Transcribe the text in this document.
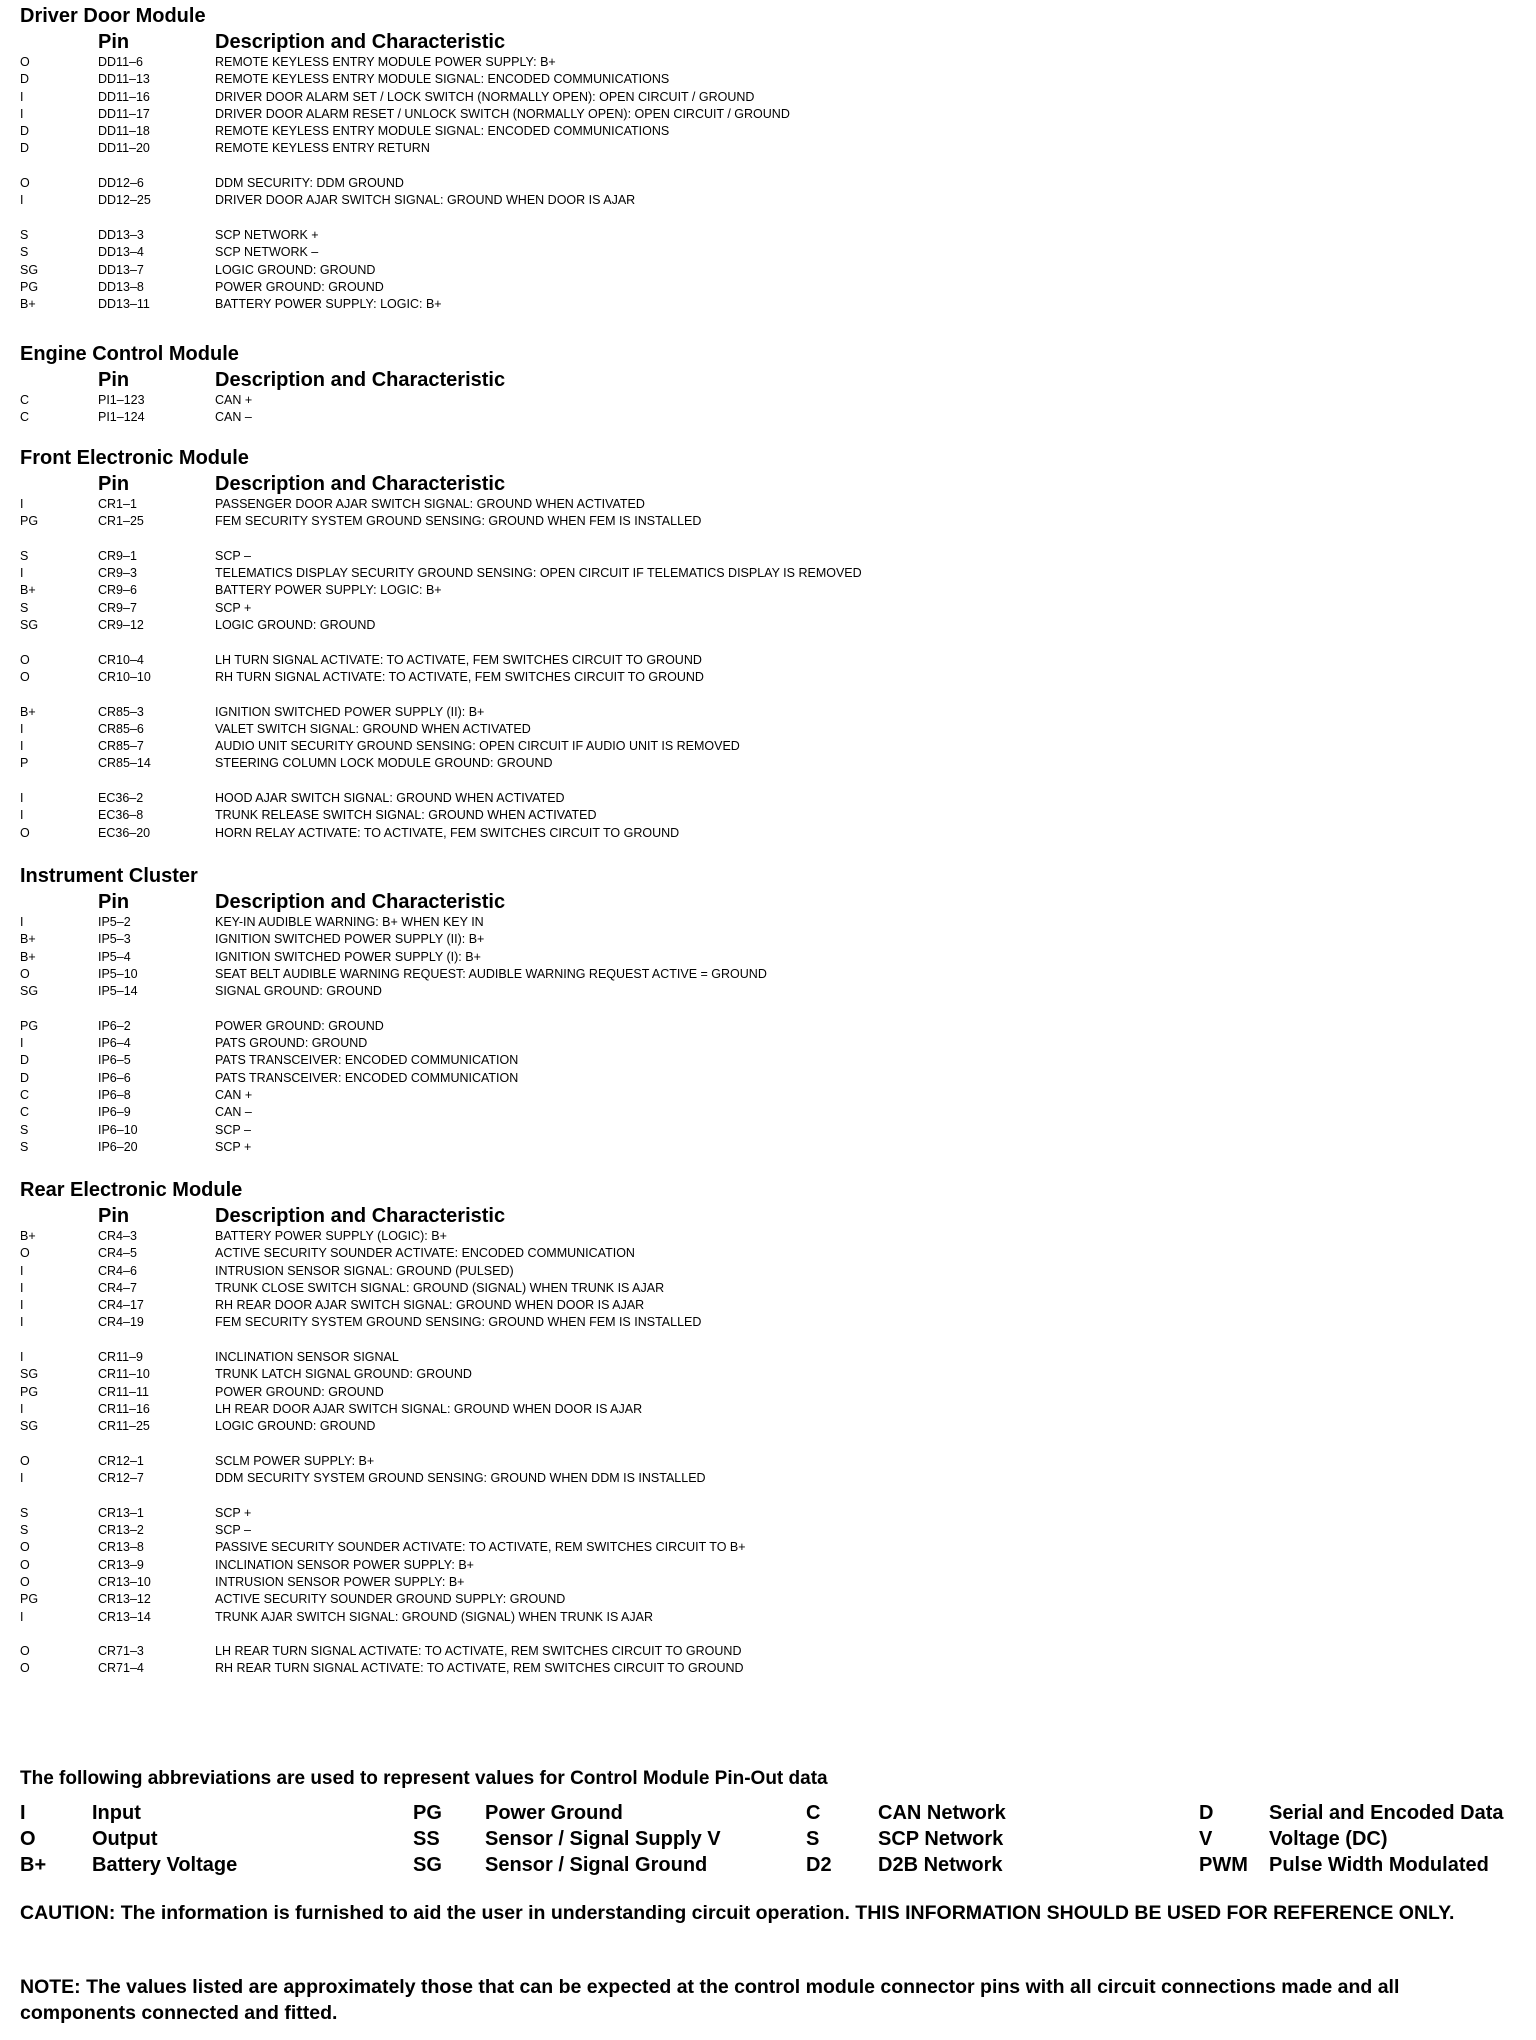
Driver Door Module
Pin	Description and Characteristic
O	DD11–6	REMOTE KEYLESS ENTRY MODULE POWER SUPPLY: B+
D	DD11–13	REMOTE KEYLESS ENTRY MODULE SIGNAL: ENCODED COMMUNICATIONS
I	DD11–16	DRIVER DOOR ALARM SET / LOCK SWITCH (NORMALLY OPEN): OPEN CIRCUIT / GROUND
I	DD11–17	DRIVER DOOR ALARM RESET / UNLOCK SWITCH (NORMALLY OPEN): OPEN CIRCUIT / GROUND
D	DD11–18	REMOTE KEYLESS ENTRY MODULE SIGNAL: ENCODED COMMUNICATIONS
D	DD11–20	REMOTE KEYLESS ENTRY RETURN
O	DD12–6	DDM SECURITY: DDM GROUND
I	DD12–25	DRIVER DOOR AJAR SWITCH SIGNAL: GROUND WHEN DOOR IS AJAR
S	DD13–3	SCP NETWORK +
S	DD13–4	SCP NETWORK –
SG	DD13–7	LOGIC GROUND: GROUND
PG	DD13–8	POWER GROUND: GROUND
B+	DD13–11	BATTERY POWER SUPPLY: LOGIC: B+
Engine Control Module
Pin	Description and Characteristic
C	PI1–123	CAN +
C	PI1–124	CAN –
Front Electronic Module
Pin	Description and Characteristic
I	CR1–1	PASSENGER DOOR AJAR SWITCH SIGNAL: GROUND WHEN ACTIVATED
PG	CR1–25	FEM SECURITY SYSTEM GROUND SENSING: GROUND WHEN FEM IS INSTALLED
S	CR9–1	SCP –
I	CR9–3	TELEMATICS DISPLAY SECURITY GROUND SENSING: OPEN CIRCUIT IF TELEMATICS DISPLAY IS REMOVED
B+	CR9–6	BATTERY POWER SUPPLY: LOGIC: B+
S	CR9–7	SCP +
SG	CR9–12	LOGIC GROUND: GROUND
O	CR10–4	LH TURN SIGNAL ACTIVATE: TO ACTIVATE, FEM SWITCHES CIRCUIT TO GROUND
O	CR10–10	RH TURN SIGNAL ACTIVATE: TO ACTIVATE, FEM SWITCHES CIRCUIT TO GROUND
B+	CR85–3	IGNITION SWITCHED POWER SUPPLY (II): B+
I	CR85–6	VALET SWITCH SIGNAL: GROUND WHEN ACTIVATED
I	CR85–7	AUDIO UNIT SECURITY GROUND SENSING: OPEN CIRCUIT IF AUDIO UNIT IS REMOVED
P	CR85–14	STEERING COLUMN LOCK MODULE GROUND: GROUND
I	EC36–2	HOOD AJAR SWITCH SIGNAL: GROUND WHEN ACTIVATED
I	EC36–8	TRUNK RELEASE SWITCH SIGNAL: GROUND WHEN ACTIVATED
O	EC36–20	HORN RELAY ACTIVATE: TO ACTIVATE, FEM SWITCHES CIRCUIT TO GROUND
Instrument Cluster
Pin	Description and Characteristic
I	IP5–2	KEY-IN AUDIBLE WARNING: B+ WHEN KEY IN
B+	IP5–3	IGNITION SWITCHED POWER SUPPLY (II): B+
B+	IP5–4	IGNITION SWITCHED POWER SUPPLY (I): B+
O	IP5–10	SEAT BELT AUDIBLE WARNING REQUEST: AUDIBLE WARNING REQUEST ACTIVE = GROUND
SG	IP5–14	SIGNAL GROUND: GROUND
PG	IP6–2	POWER GROUND: GROUND
I	IP6–4	PATS GROUND: GROUND
D	IP6–5	PATS TRANSCEIVER: ENCODED COMMUNICATION
D	IP6–6	PATS TRANSCEIVER: ENCODED COMMUNICATION
C	IP6–8	CAN +
C	IP6–9	CAN –
S	IP6–10	SCP –
S	IP6–20	SCP +
Rear Electronic Module
Pin	Description and Characteristic
B+	CR4–3	BATTERY POWER SUPPLY (LOGIC): B+
O	CR4–5	ACTIVE SECURITY SOUNDER ACTIVATE: ENCODED COMMUNICATION
I	CR4–6	INTRUSION SENSOR SIGNAL: GROUND (PULSED)
I	CR4–7	TRUNK CLOSE SWITCH SIGNAL: GROUND (SIGNAL) WHEN TRUNK IS AJAR
I	CR4–17	RH REAR DOOR AJAR SWITCH SIGNAL: GROUND WHEN DOOR IS AJAR
I	CR4–19	FEM SECURITY SYSTEM GROUND SENSING: GROUND WHEN FEM IS INSTALLED
I	CR11–9	INCLINATION SENSOR SIGNAL
SG	CR11–10	TRUNK LATCH SIGNAL GROUND: GROUND
PG	CR11–11	POWER GROUND: GROUND
I	CR11–16	LH REAR DOOR AJAR SWITCH SIGNAL: GROUND WHEN DOOR IS AJAR
SG	CR11–25	LOGIC GROUND: GROUND
O	CR12–1	SCLM POWER SUPPLY: B+
I	CR12–7	DDM SECURITY SYSTEM GROUND SENSING: GROUND WHEN DDM IS INSTALLED
S	CR13–1	SCP +
S	CR13–2	SCP –
O	CR13–8	PASSIVE SECURITY SOUNDER ACTIVATE: TO ACTIVATE, REM SWITCHES CIRCUIT TO B+
O	CR13–9	INCLINATION SENSOR POWER SUPPLY: B+
O	CR13–10	INTRUSION SENSOR POWER SUPPLY: B+
PG	CR13–12	ACTIVE SECURITY SOUNDER GROUND SUPPLY: GROUND
I	CR13–14	TRUNK AJAR SWITCH SIGNAL: GROUND (SIGNAL) WHEN TRUNK IS AJAR
O	CR71–3	LH REAR TURN SIGNAL ACTIVATE: TO ACTIVATE, REM SWITCHES CIRCUIT TO GROUND
O	CR71–4	RH REAR TURN SIGNAL ACTIVATE: TO ACTIVATE, REM SWITCHES CIRCUIT TO GROUND
The following abbreviations are used to represent values for Control Module Pin-Out data
I	Input	PG	Power Ground	C	CAN Network	D	Serial and Encoded Data
O	Output	SS	Sensor / Signal Supply V	S	SCP Network	V	Voltage (DC)
B+	Battery Voltage	SG	Sensor / Signal Ground	D2	D2B Network	PWM	Pulse Width Modulated
CAUTION: The information is furnished to aid the user in understanding circuit operation. THIS INFORMATION SHOULD BE USED FOR REFERENCE ONLY.
NOTE: The values listed are approximately those that can be expected at the control module connector pins with all circuit connections made and all components connected and fitted.
